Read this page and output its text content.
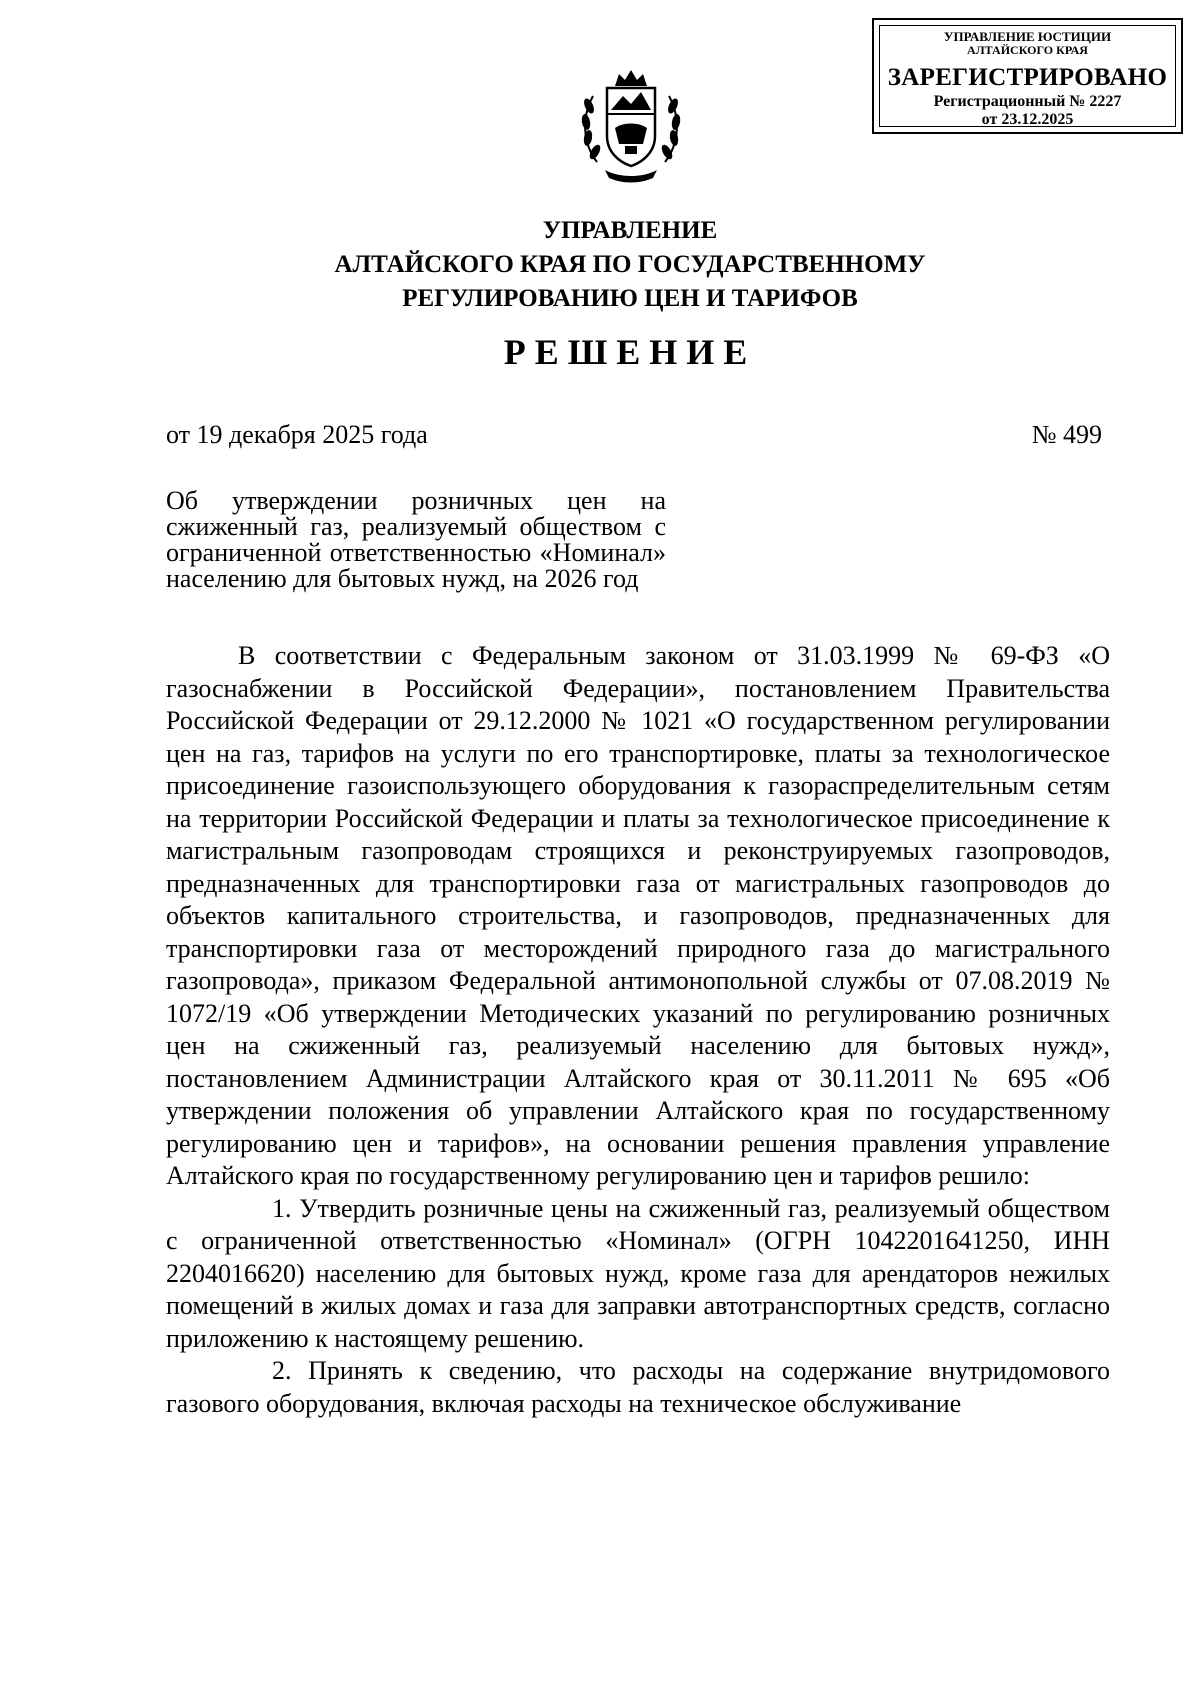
УПРАВЛЕНИЕ ЮСТИЦИИ
АЛТАЙСКОГО КРАЯ
ЗАРЕГИСТРИРОВАНО
Регистрационный № 2227
от 23.12.2025
УПРАВЛЕНИЕ
АЛТАЙСКОГО КРАЯ ПО ГОСУДАРСТВЕННОМУ
РЕГУЛИРОВАНИЮ ЦЕН И ТАРИФОВ
РЕШЕНИЕ
от 19 декабря 2025 года	№ 499
Об утверждении розничных цен на сжиженный газ, реализуемый обществом с ограниченной ответственностью «Номинал» населению для бытовых нужд, на 2026 год

В соответствии с Федеральным законом от 31.03.1999 № 69-ФЗ «О газоснабжении в Российской Федерации», постановлением Правительства Российской Федерации от 29.12.2000 № 1021 «О государственном регулировании цен на газ, тарифов на услуги по его транспортировке, платы за технологическое присоединение газоиспользующего оборудования к газораспределительным сетям на территории Российской Федерации и платы за технологическое присоединение к магистральным газопроводам строящихся и реконструируемых газопроводов, предназначенных для транспортировки газа от магистральных газопроводов до объектов капитального строительства, и газопроводов, предназначенных для транспортировки газа от месторождений природного газа до магистрального газопровода», приказом Федеральной антимонопольной службы от 07.08.2019 № 1072/19 «Об утверждении Методических указаний по регулированию розничных цен на сжиженный газ, реализуемый населению для бытовых нужд», постановлением Администрации Алтайского края от 30.11.2011 № 695 «Об утверждении положения об управлении Алтайского края по государственному регулированию цен и тарифов», на основании решения правления управление Алтайского края по государственному регулированию цен и тарифов решило:

1. Утвердить розничные цены на сжиженный газ, реализуемый обществом с ограниченной ответственностью «Номинал» (ОГРН 1042201641250, ИНН 2204016620) населению для бытовых нужд, кроме газа для арендаторов нежилых помещений в жилых домах и газа для заправки автотранспортных средств, согласно приложению к настоящему решению.

2. Принять к сведению, что расходы на содержание внутридомового газового оборудования, включая расходы на техническое обслуживание
